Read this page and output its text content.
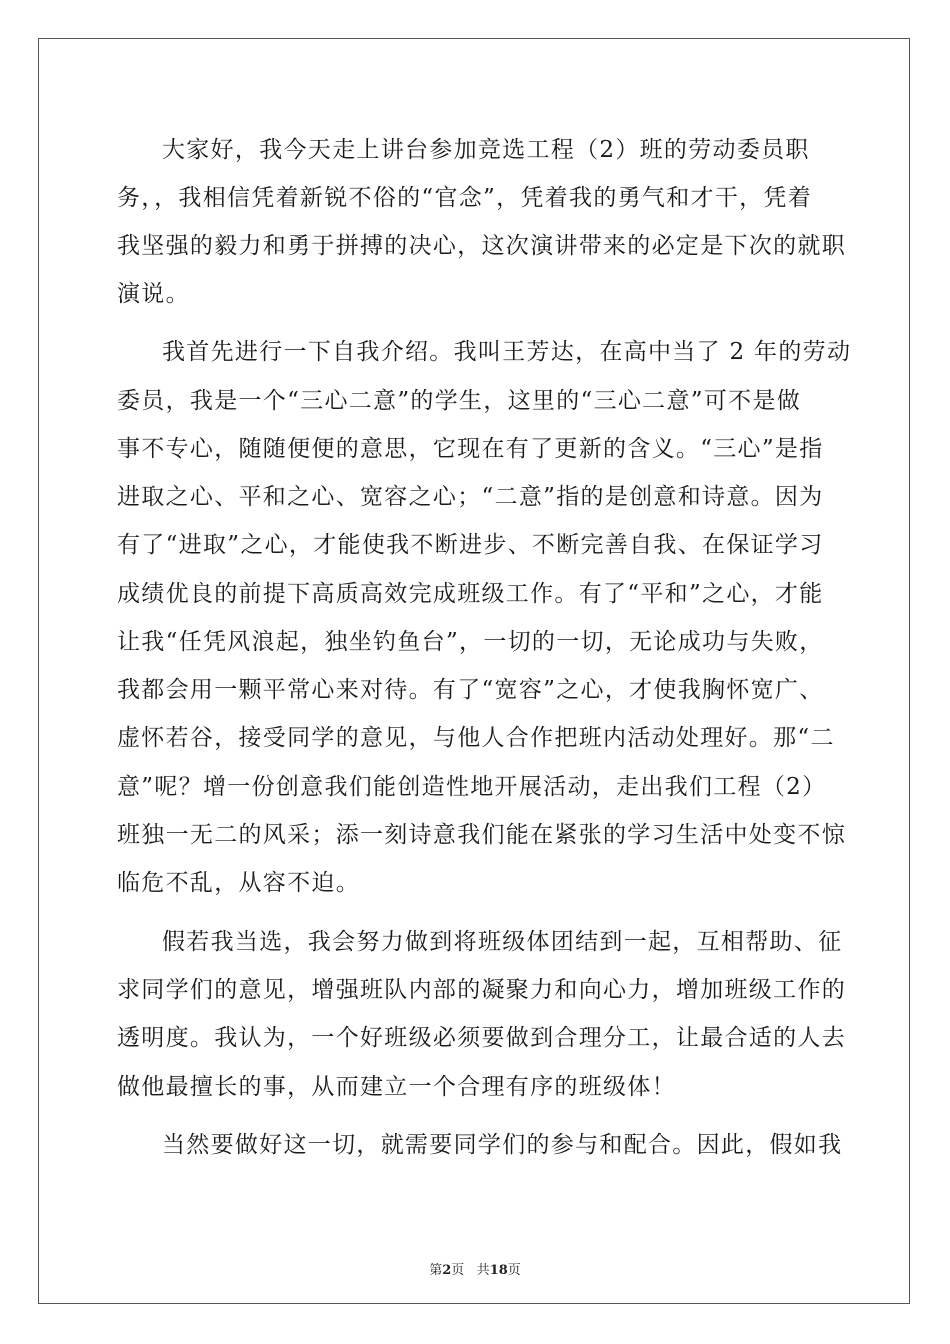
大家好，我今天走上讲台参加竞选工程（2）班的劳动委员职
务，，我相信凭着新锐不俗的“官念”，凭着我的勇气和才干，凭着
我坚强的毅力和勇于拼搏的决心，这次演讲带来的必定是下次的就职
演说。
我首先进行一下自我介绍。我叫王芳达，在高中当了 2 年的劳动
委员，我是一个“三心二意”的学生，这里的“三心二意”可不是做
事不专心，随随便便的意思，它现在有了更新的含义。“三心”是指
进取之心、平和之心、宽容之心；“二意”指的是创意和诗意。因为
有了“进取”之心，才能使我不断进步、不断完善自我、在保证学习
成绩优良的前提下高质高效完成班级工作。有了“平和”之心，才能
让我“任凭风浪起，独坐钓鱼台”，一切的一切，无论成功与失败，
我都会用一颗平常心来对待。有了“宽容”之心，才使我胸怀宽广、
虚怀若谷，接受同学的意见，与他人合作把班内活动处理好。那“二
意”呢？增一份创意我们能创造性地开展活动，走出我们工程（2）
班独一无二的风采；添一刻诗意我们能在紧张的学习生活中处变不惊
临危不乱，从容不迫。
假若我当选，我会努力做到将班级体团结到一起，互相帮助、征
求同学们的意见，增强班队内部的凝聚力和向心力，增加班级工作的
透明度。我认为，一个好班级必须要做到合理分工，让最合适的人去
做他最擅长的事，从而建立一个合理有序的班级体！
当然要做好这一切，就需要同学们的参与和配合。因此，假如我
第2页 共18页
